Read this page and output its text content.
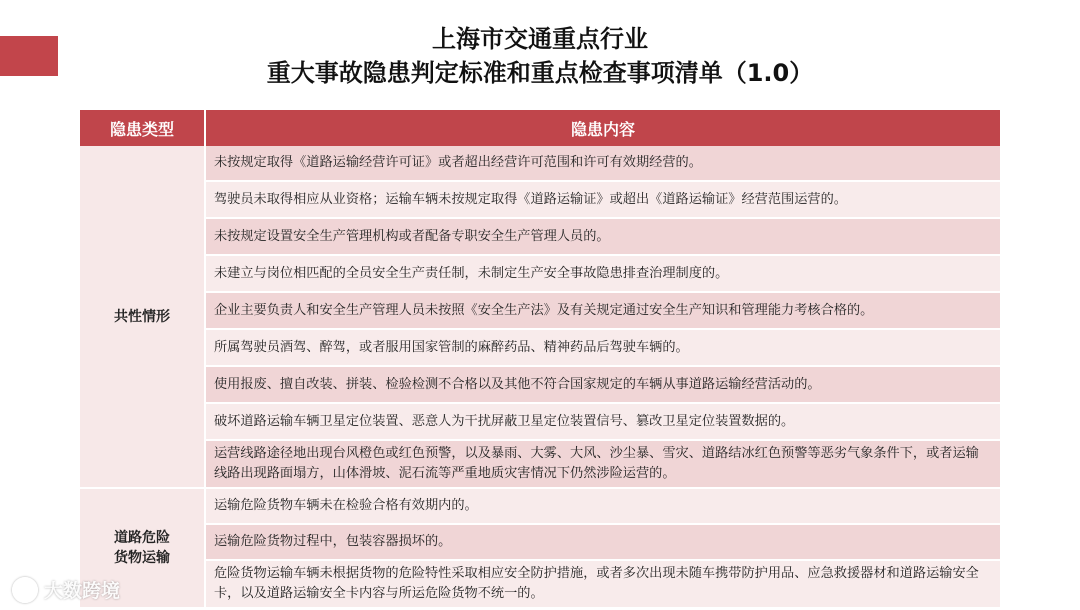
上海市交通重点行业
重大事故隐患判定标准和重点检查事项清单（1.0）
隐患类型	隐患内容
共性情形	未按规定取得《道路运输经营许可证》或者超出经营许可范围和许可有效期经营的。
	驾驶员未取得相应从业资格；运输车辆未按规定取得《道路运输证》或超出《道路运输证》经营范围运营的。
	未按规定设置安全生产管理机构或者配备专职安全生产管理人员的。
	未建立与岗位相匹配的全员安全生产责任制，未制定生产安全事故隐患排查治理制度的。
	企业主要负责人和安全生产管理人员未按照《安全生产法》及有关规定通过安全生产知识和管理能力考核合格的。
	所属驾驶员酒驾、醉驾，或者服用国家管制的麻醉药品、精神药品后驾驶车辆的。
	使用报废、擅自改装、拼装、检验检测不合格以及其他不符合国家规定的车辆从事道路运输经营活动的。
	破坏道路运输车辆卫星定位装置、恶意人为干扰屏蔽卫星定位装置信号、篡改卫星定位装置数据的。
	运营线路途径地出现台风橙色或红色预警，以及暴雨、大雾、大风、沙尘暴、雪灾、道路结冰红色预警等恶劣气象条件下，或者运输线路出现路面塌方，山体滑坡、泥石流等严重地质灾害情况下仍然涉险运营的。

道路危险
货物运输	运输危险货物车辆未在检验合格有效期内的。
	运输危险货物过程中，包装容器损坏的。
	危险货物运输车辆未根据货物的危险特性采取相应安全防护措施，或者多次出现未随车携带防护用品、应急救援器材和道路运输安全卡，以及道路运输安全卡内容与所运危险货物不统一的。
大数跨境
